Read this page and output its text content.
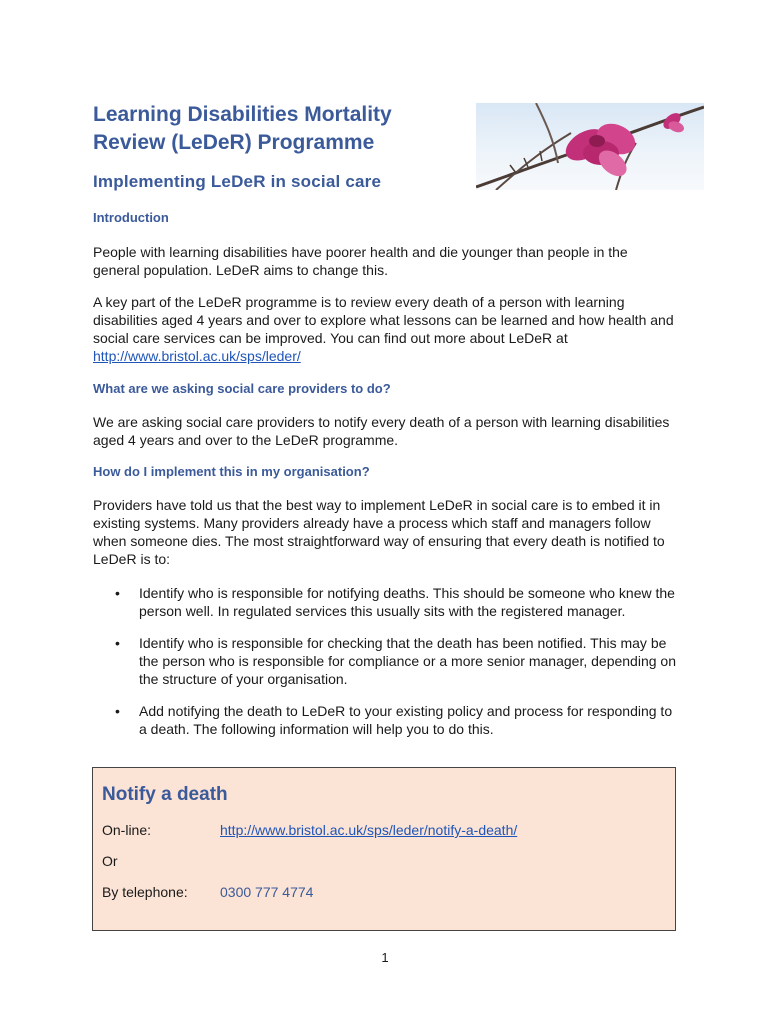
Learning Disabilities Mortality Review (LeDeR) Programme
Implementing LeDeR in social care
Introduction

People with learning disabilities have poorer health and die younger than people in the general population. LeDeR aims to change this.

A key part of the LeDeR programme is to review every death of a person with learning disabilities aged 4 years and over to explore what lessons can be learned and how health and social care services can be improved. You can find out more about LeDeR at http://www.bristol.ac.uk/sps/leder/

What are we asking social care providers to do?

We are asking social care providers to notify every death of a person with learning disabilities aged 4 years and over to the LeDeR programme.

How do I implement this in my organisation?

Providers have told us that the best way to implement LeDeR in social care is to embed it in existing systems. Many providers already have a process which staff and managers follow when someone dies. The most straightforward way of ensuring that every death is notified to LeDeR is to:

• Identify who is responsible for notifying deaths. This should be someone who knew the person well. In regulated services this usually sits with the registered manager.
• Identify who is responsible for checking that the death has been notified. This may be the person who is responsible for compliance or a more senior manager, depending on the structure of your organisation.
• Add notifying the death to LeDeR to your existing policy and process for responding to a death. The following information will help you to do this.
Notify a death
On-line:	http://www.bristol.ac.uk/sps/leder/notify-a-death/
Or
By telephone: 0300 777 4774
1
